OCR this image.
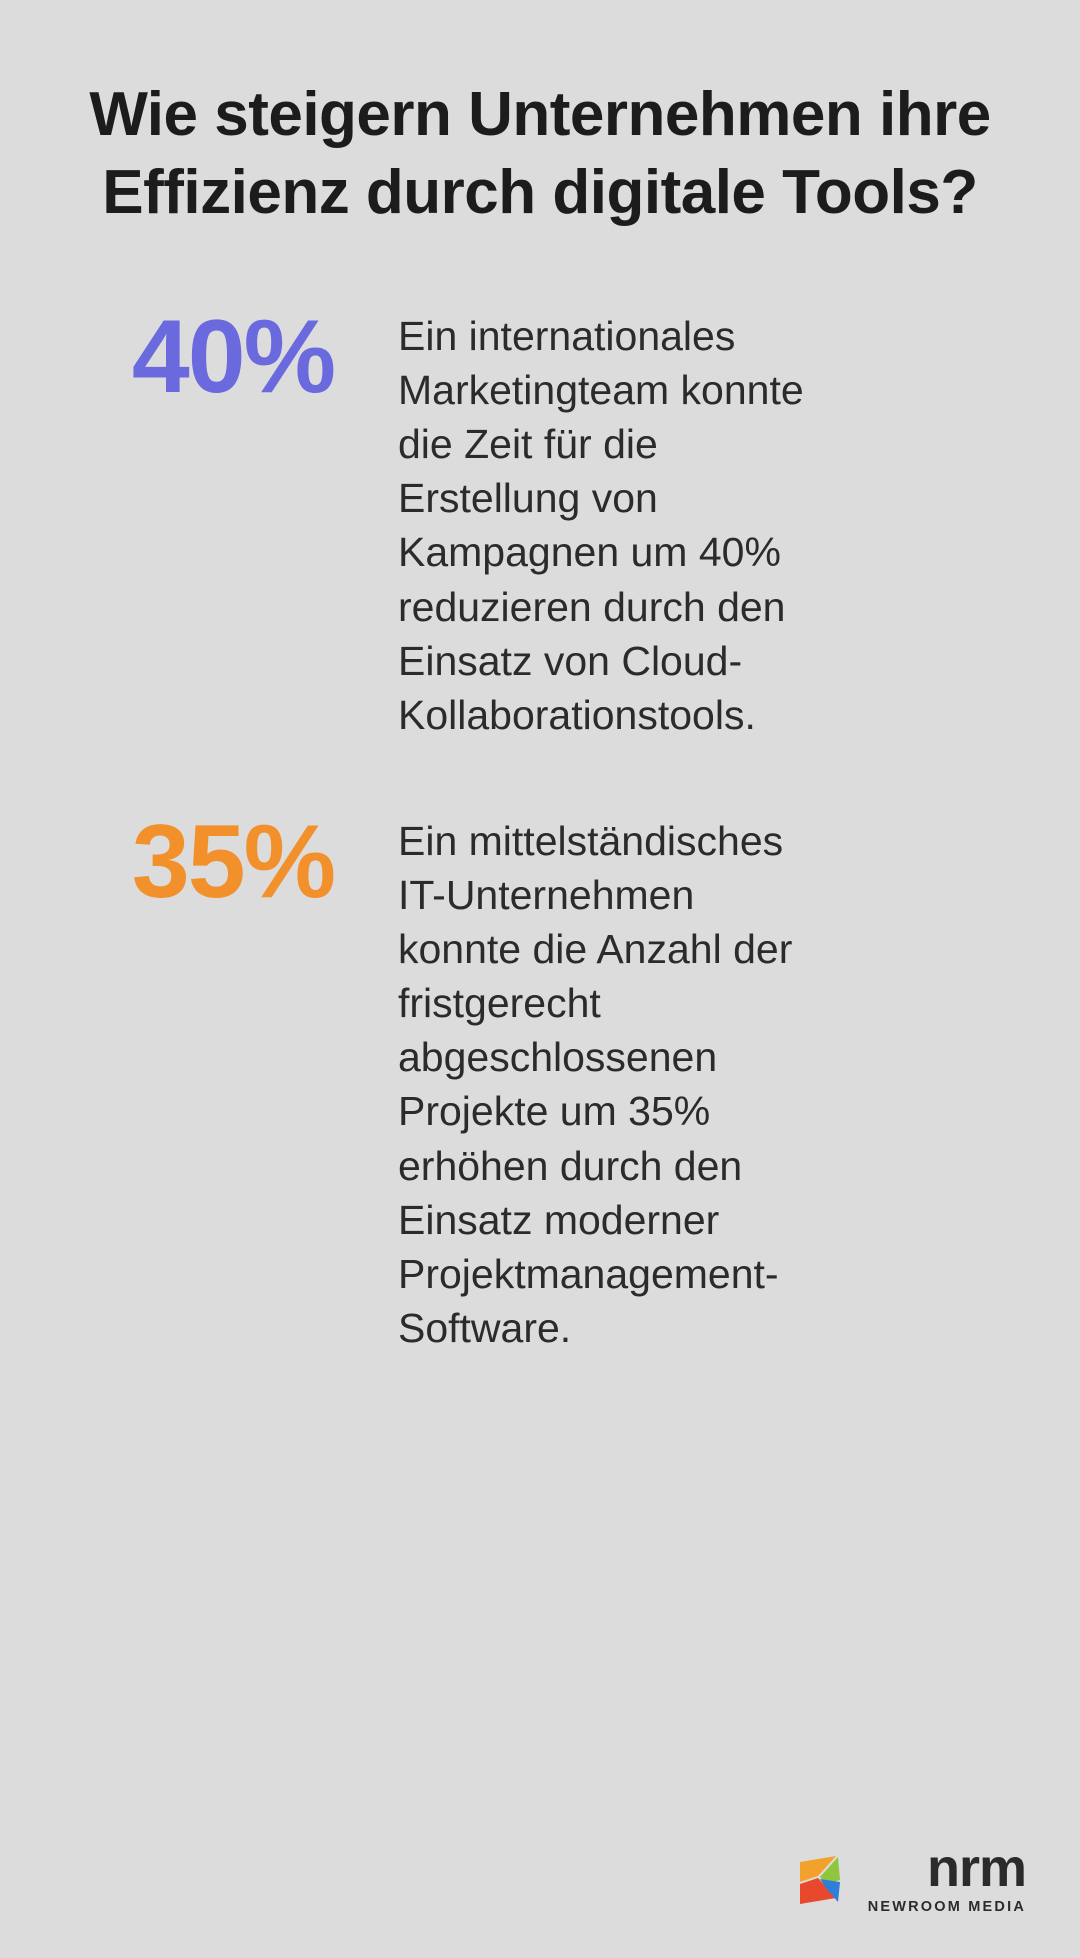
Wie steigern Unternehmen ihre Effizienz durch digitale Tools?
40%	Ein internationales Marketingteam konnte die Zeit für die Erstellung von Kampagnen um 40% reduzieren durch den Einsatz von Cloud-Kollaborationstools.
35%	Ein mittelständisches IT-Unternehmen konnte die Anzahl der fristgerecht abgeschlossenen Projekte um 35% erhöhen durch den Einsatz moderner Projektmanagement-Software.
nrm
NEWROOM MEDIA
